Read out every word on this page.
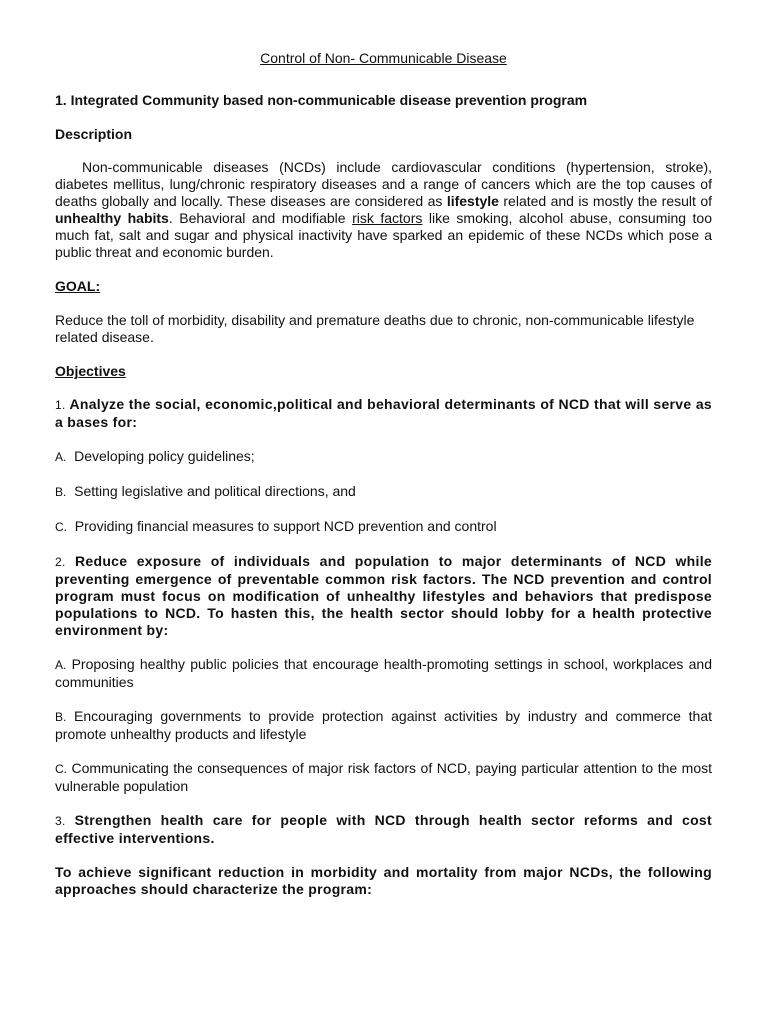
Control of Non- Communicable Disease

1. Integrated Community based non-communicable disease prevention program

Description

Non-communicable diseases (NCDs) include cardiovascular conditions (hypertension, stroke), diabetes mellitus, lung/chronic respiratory diseases and a range of cancers which are the top causes of deaths globally and locally. These diseases are considered as lifestyle related and is mostly the result of unhealthy habits. Behavioral and modifiable risk factors like smoking, alcohol abuse, consuming too much fat, salt and sugar and physical inactivity have sparked an epidemic of these NCDs which pose a public threat and economic burden.

GOAL:

Reduce the toll of morbidity, disability and premature deaths due to chronic, non-communicable lifestyle related disease.

Objectives

1. Analyze the social, economic,political and behavioral determinants of NCD that will serve as a bases for:

A. Developing policy guidelines;

B. Setting legislative and political directions, and

C. Providing financial measures to support NCD prevention and control

2. Reduce exposure of individuals and population to major determinants of NCD while preventing emergence of preventable common risk factors. The NCD prevention and control program must focus on modification of unhealthy lifestyles and behaviors that predispose populations to NCD. To hasten this, the health sector should lobby for a health protective environment by:

A. Proposing healthy public policies that encourage health-promoting settings in school, workplaces and communities

B. Encouraging governments to provide protection against activities by industry and commerce that promote unhealthy products and lifestyle

C. Communicating the consequences of major risk factors of NCD, paying particular attention to the most vulnerable population

3. Strengthen health care for people with NCD through health sector reforms and cost effective interventions.

To achieve significant reduction in morbidity and mortality from major NCDs, the following approaches should characterize the program:
